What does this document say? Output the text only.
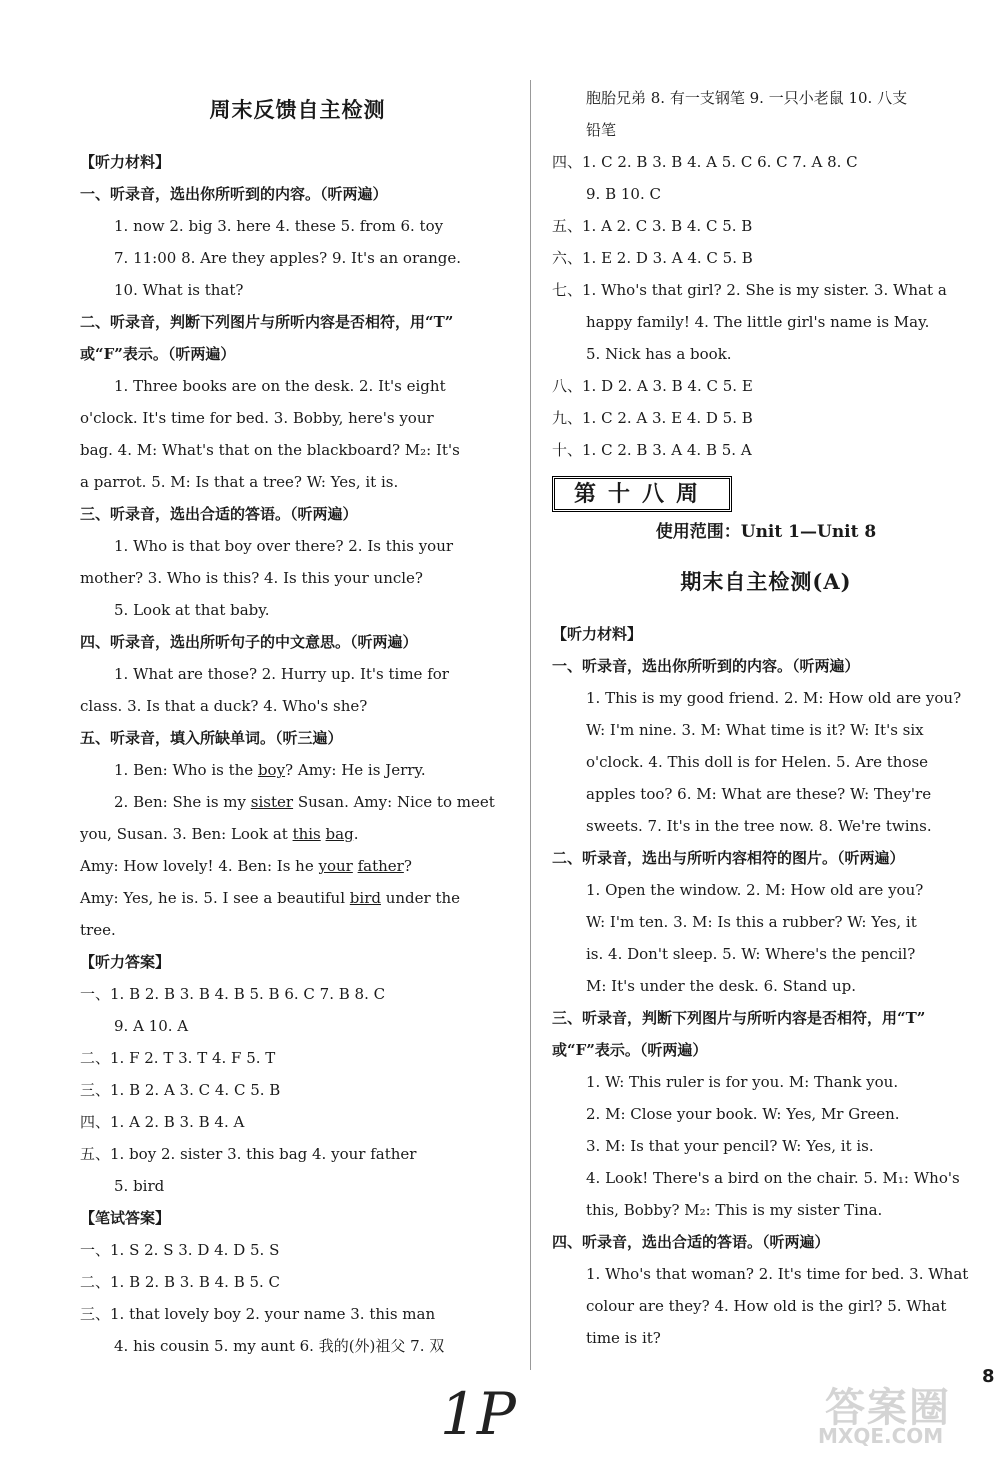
周末反馈自主检测
【听力材料】
一、听录音，选出你所听到的内容。（听两遍）
1. now 2. big 3. here 4. these 5. from 6. toy
7. 11:00 8. Are they apples? 9. It's an orange.
10. What is that?
二、听录音，判断下列图片与所听内容是否相符，用“T”
或“F”表示。（听两遍）
1. Three books are on the desk. 2. It's eight
o'clock. It's time for bed. 3. Bobby, here's your
bag. 4. M: What's that on the blackboard? M₂: It's
a parrot. 5. M: Is that a tree? W: Yes, it is.
三、听录音，选出合适的答语。（听两遍）
1. Who is that boy over there? 2. Is this your
mother? 3. Who is this? 4. Is this your uncle?
5. Look at that baby.
四、听录音，选出所听句子的中文意思。（听两遍）
1. What are those? 2. Hurry up. It's time for
class. 3. Is that a duck? 4. Who's she?
五、听录音，填入所缺单词。（听三遍）
1. Ben: Who is the boy? Amy: He is Jerry.
2. Ben: She is my sister Susan. Amy: Nice to meet
you, Susan. 3. Ben: Look at this bag.
Amy: How lovely! 4. Ben: Is he your father?
Amy: Yes, he is. 5. I see a beautiful bird under the
tree.
【听力答案】
一、1. B 2. B 3. B 4. B 5. B 6. C 7. B 8. C
9. A 10. A
二、1. F 2. T 3. T 4. F 5. T
三、1. B 2. A 3. C 4. C 5. B
四、1. A 2. B 3. B 4. A
五、1. boy 2. sister 3. this bag 4. your father
5. bird
【笔试答案】
一、1. S 2. S 3. D 4. D 5. S
二、1. B 2. B 3. B 4. B 5. C
三、1. that lovely boy 2. your name 3. this man
4. his cousin 5. my aunt 6. 我的(外)祖父 7. 双
胞胎兄弟 8. 有一支钢笔 9. 一只小老鼠 10. 八支
铅笔
四、1. C 2. B 3. B 4. A 5. C 6. C 7. A 8. C
9. B 10. C
五、1. A 2. C 3. B 4. C 5. B
六、1. E 2. D 3. A 4. C 5. B
七、1. Who's that girl? 2. She is my sister. 3. What a
happy family! 4. The little girl's name is May.
5. Nick has a book.
八、1. D 2. A 3. B 4. C 5. E
九、1. C 2. A 3. E 4. D 5. B
十、1. C 2. B 3. A 4. B 5. A
第十八周
使用范围：Unit 1—Unit 8
期末自主检测(A)
【听力材料】
一、听录音，选出你所听到的内容。（听两遍）
1. This is my good friend. 2. M: How old are you?
W: I'm nine. 3. M: What time is it? W: It's six
o'clock. 4. This doll is for Helen. 5. Are those
apples too? 6. M: What are these? W: They're
sweets. 7. It's in the tree now. 8. We're twins.
二、听录音，选出与所听内容相符的图片。（听两遍）
1. Open the window. 2. M: How old are you?
W: I'm ten. 3. M: Is this a rubber? W: Yes, it
is. 4. Don't sleep. 5. W: Where's the pencil?
M: It's under the desk. 6. Stand up.
三、听录音，判断下列图片与所听内容是否相符，用“T”
或“F”表示。（听两遍）
1. W: This ruler is for you. M: Thank you.
2. M: Close your book. W: Yes, Mr Green.
3. M: Is that your pencil? W: Yes, it is.
4. Look! There's a bird on the chair. 5. M₁: Who's
this, Bobby? M₂: This is my sister Tina.
四、听录音，选出合适的答语。（听两遍）
1. Who's that woman? 2. It's time for bed. 3. What
colour are they? 4. How old is the girl? 5. What
time is it?
1P	答案圈
MXQE.COM
8
